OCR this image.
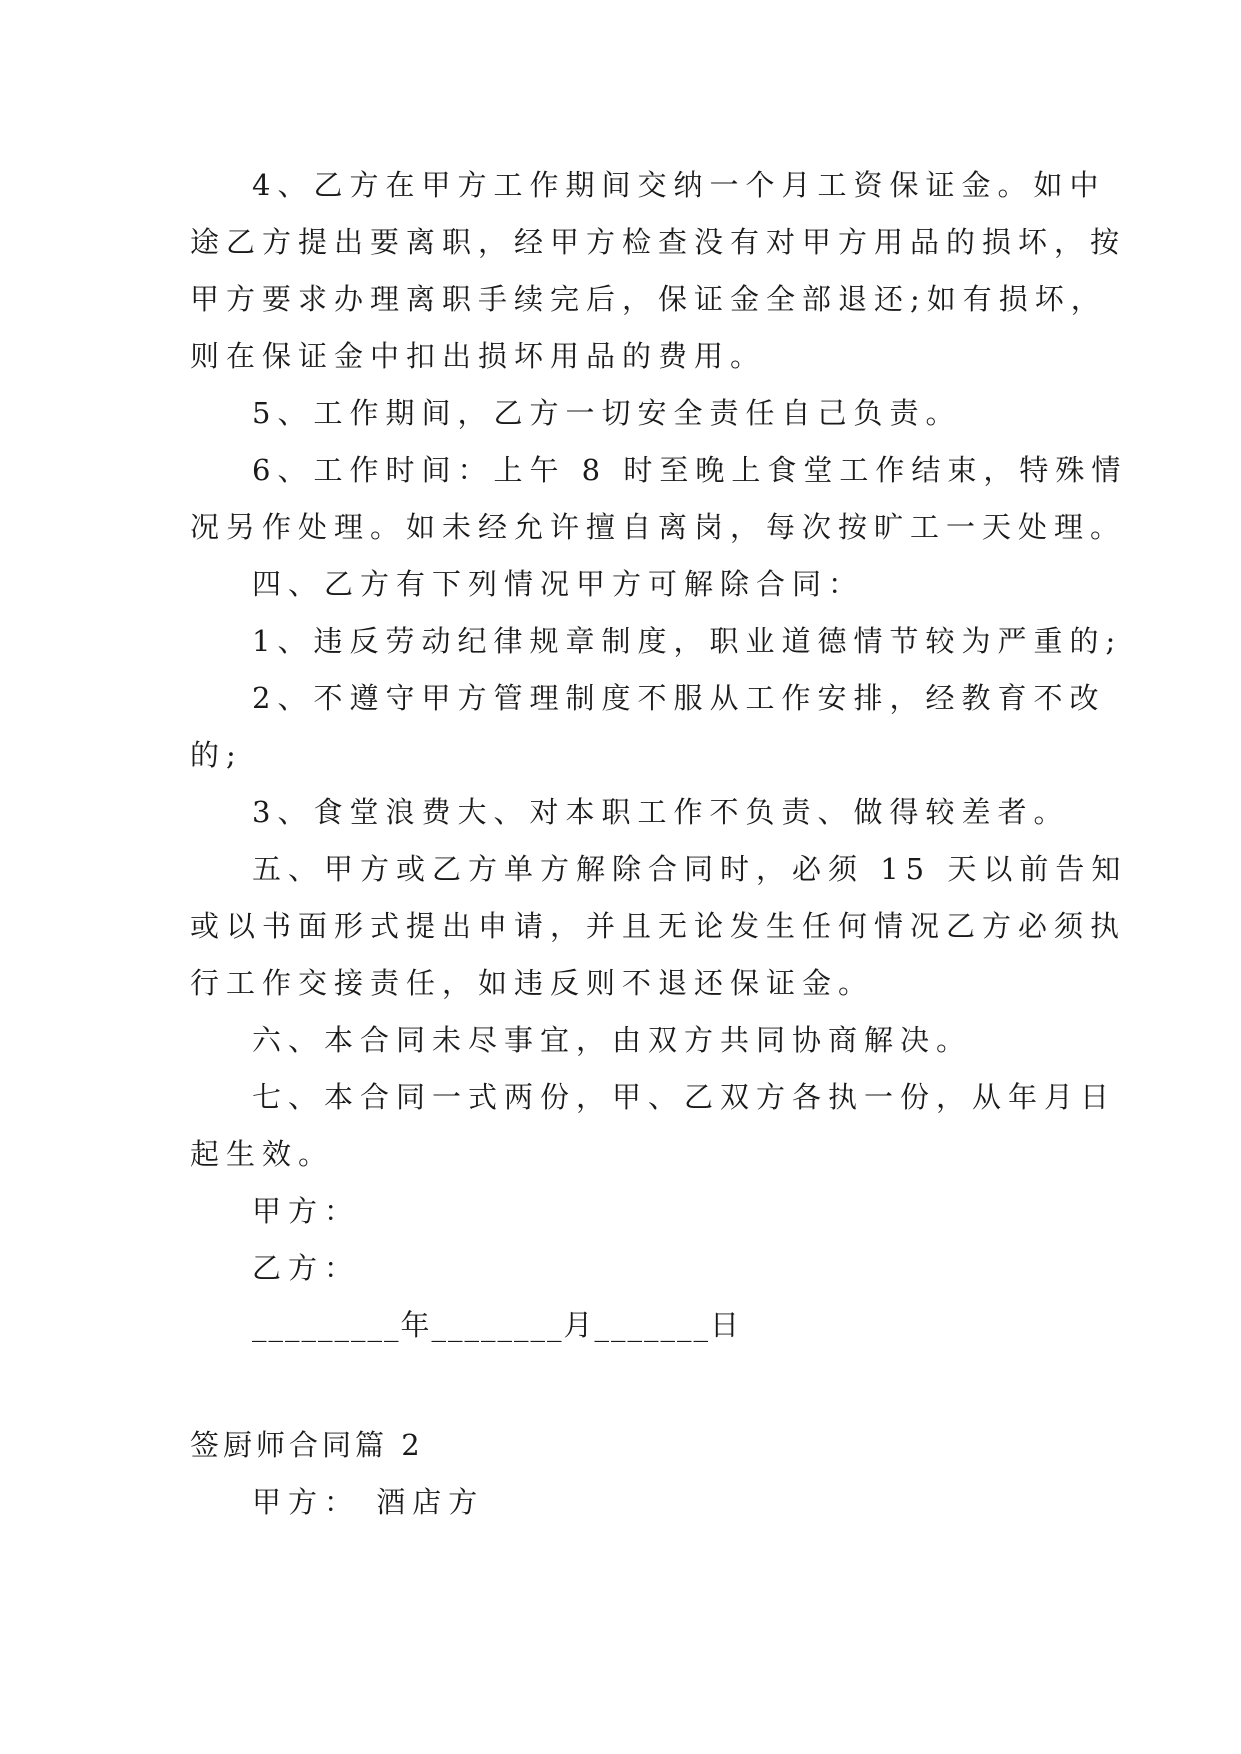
4、乙方在甲方工作期间交纳一个月工资保证金。如中
途乙方提出要离职，经甲方检查没有对甲方用品的损坏，按
甲方要求办理离职手续完后，保证金全部退还;如有损坏，
则在保证金中扣出损坏用品的费用。
5、工作期间，乙方一切安全责任自己负责。
6、工作时间：上午 8 时至晚上食堂工作结束，特殊情
况另作处理。如未经允许擅自离岗，每次按旷工一天处理。
四、乙方有下列情况甲方可解除合同：
1、违反劳动纪律规章制度，职业道德情节较为严重的;
2、不遵守甲方管理制度不服从工作安排，经教育不改
的;
3、食堂浪费大、对本职工作不负责、做得较差者。
五、甲方或乙方单方解除合同时，必须 15 天以前告知
或以书面形式提出申请，并且无论发生任何情况乙方必须执
行工作交接责任，如违反则不退还保证金。
六、本合同未尽事宜，由双方共同协商解决。
七、本合同一式两份，甲、乙双方各执一份，从年月日
起生效。
甲方：
乙方：
_________年________月_______日
签厨师合同篇 2
甲方： 酒店方
